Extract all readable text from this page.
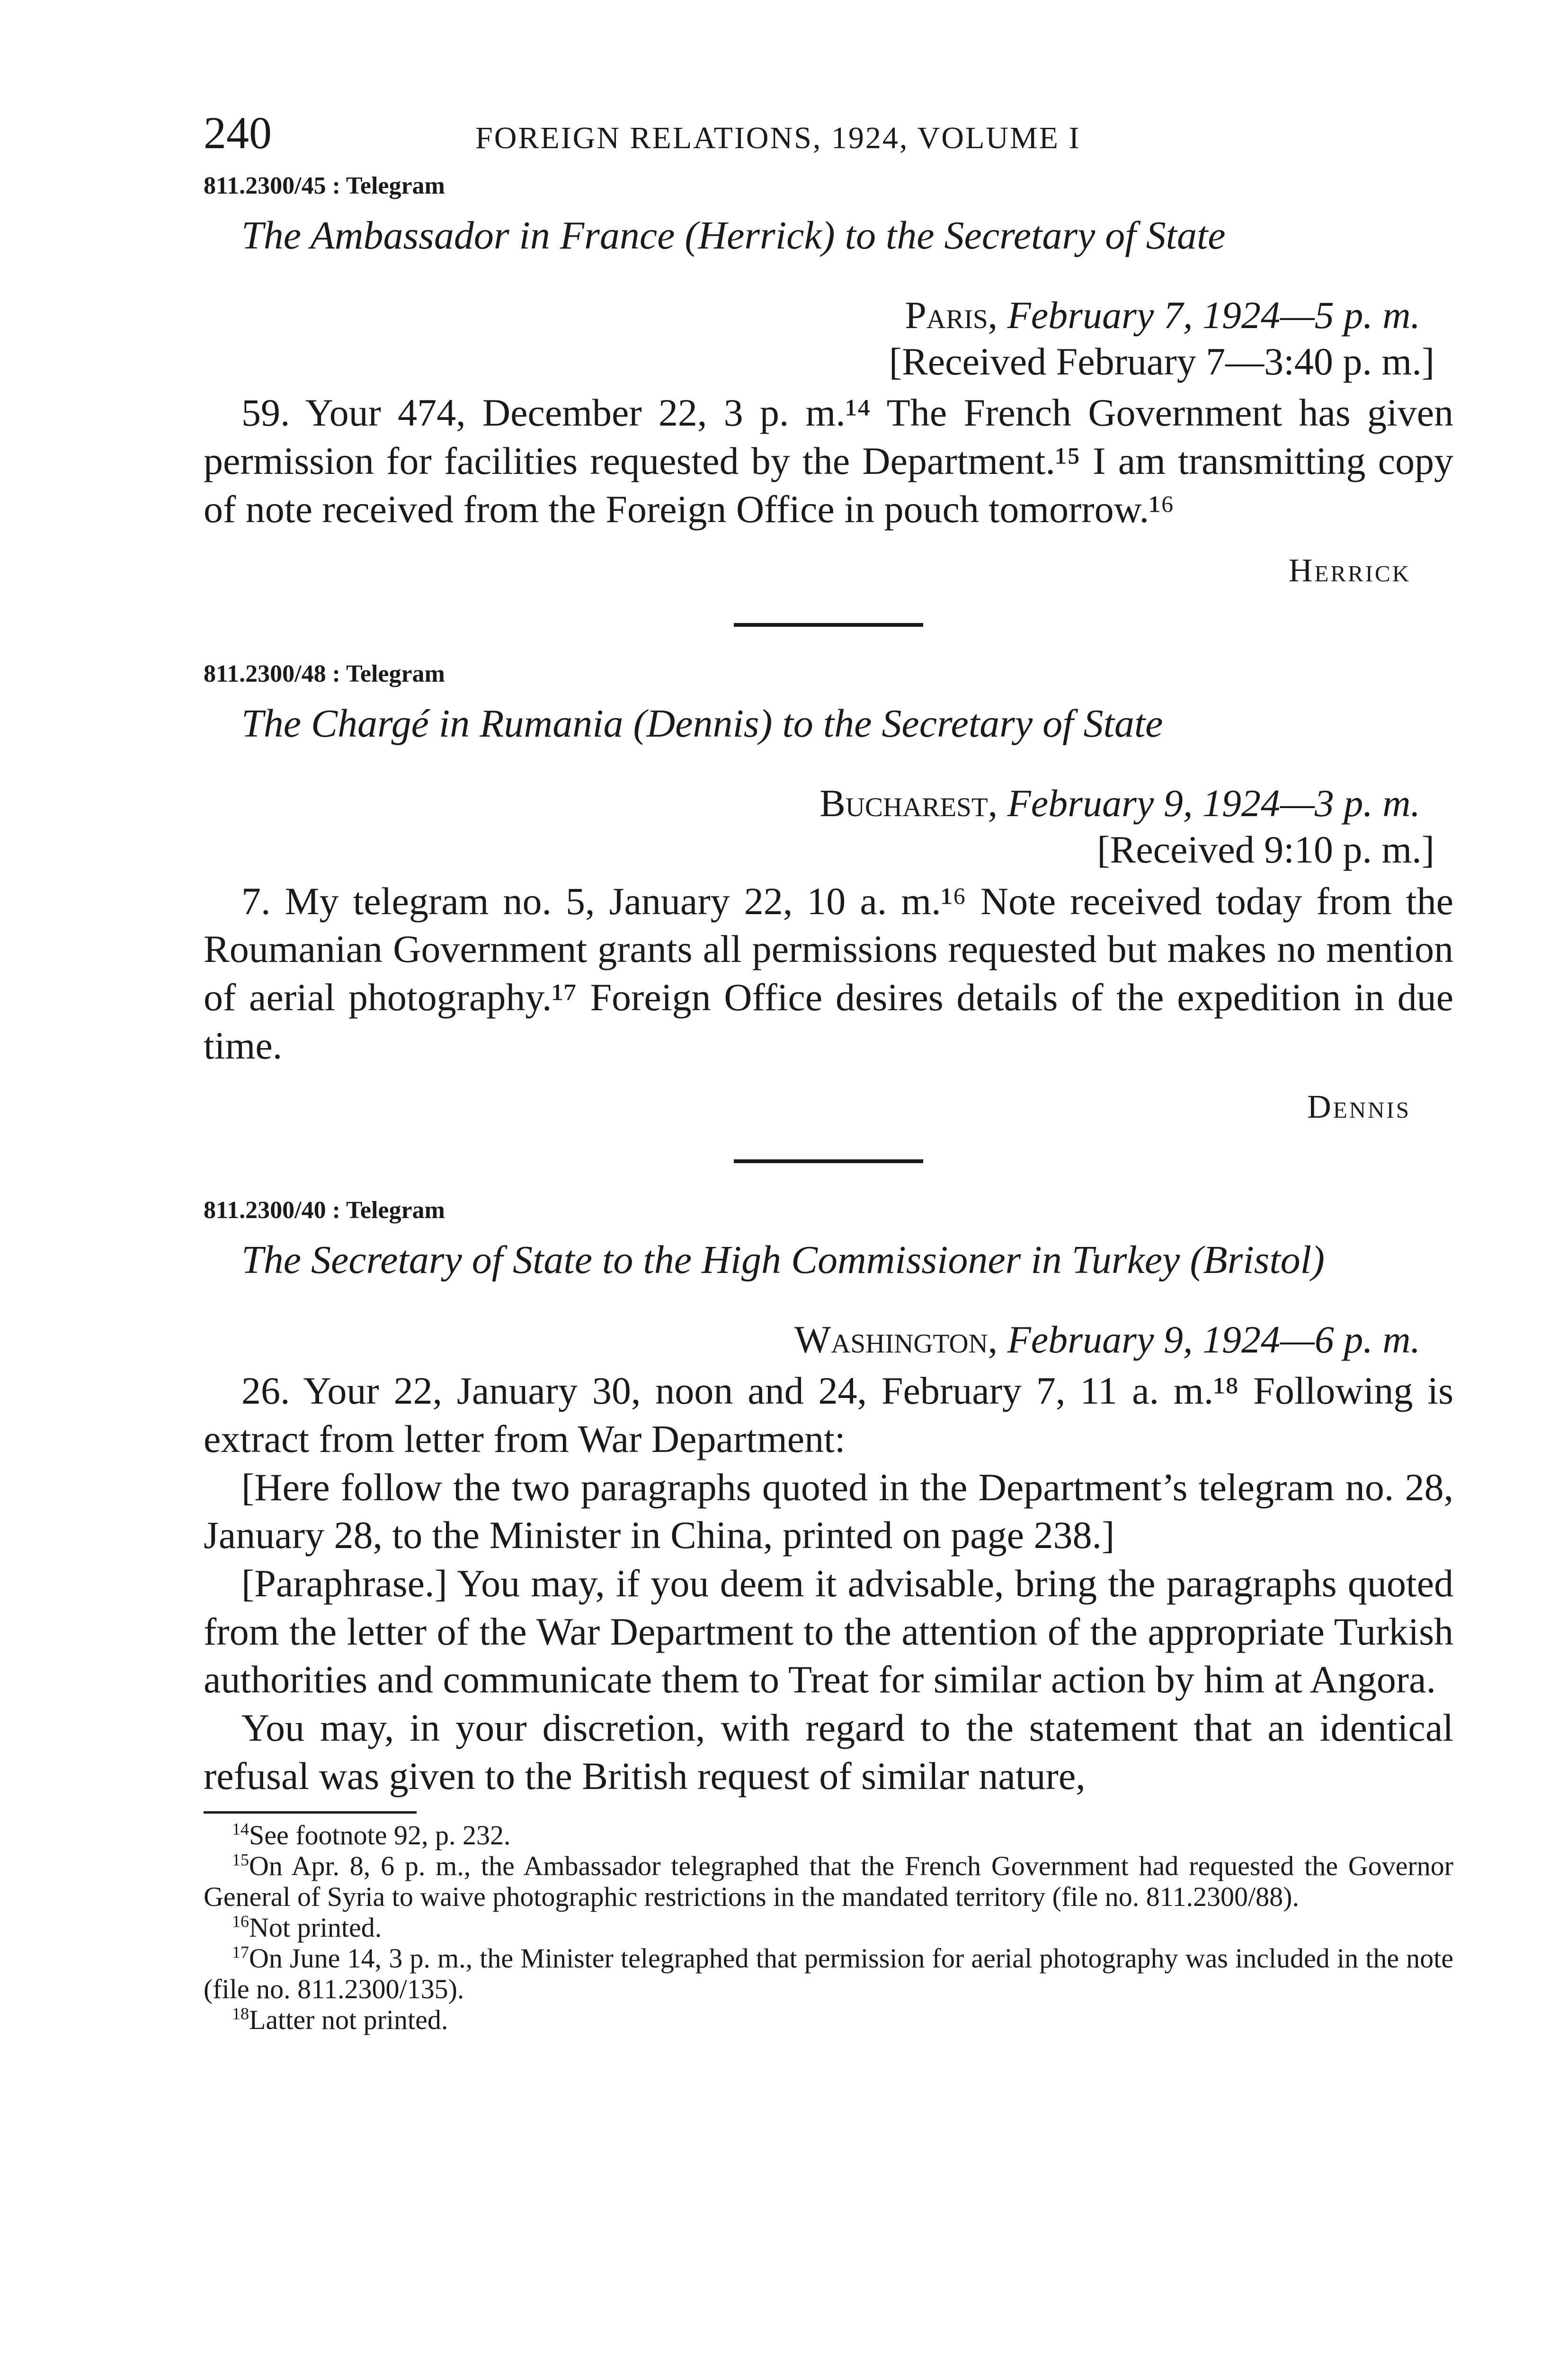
240	FOREIGN RELATIONS, 1924, VOLUME I
811.2300/45 : Telegram
The Ambassador in France (Herrick) to the Secretary of State
Paris, February 7, 1924—5 p. m.
[Received February 7—3:40 p. m.]

59. Your 474, December 22, 3 p. m.¹⁴ The French Government has given permission for facilities requested by the Department.¹⁵ I am transmitting copy of note received from the Foreign Office in pouch tomorrow.¹⁶

Herrick
811.2300/48 : Telegram
The Chargé in Rumania (Dennis) to the Secretary of State
Bucharest, February 9, 1924—3 p. m.
[Received 9:10 p. m.]

7. My telegram no. 5, January 22, 10 a. m.¹⁶ Note received today from the Roumanian Government grants all permissions requested but makes no mention of aerial photography.¹⁷ Foreign Office desires details of the expedition in due time.

Dennis
811.2300/40 : Telegram
The Secretary of State to the High Commissioner in Turkey (Bristol)
Washington, February 9, 1924—6 p. m.

26. Your 22, January 30, noon and 24, February 7, 11 a. m.¹⁸ Following is extract from letter from War Department:

[Here follow the two paragraphs quoted in the Department’s telegram no. 28, January 28, to the Minister in China, printed on page 238.]

[Paraphrase.] You may, if you deem it advisable, bring the paragraphs quoted from the letter of the War Department to the attention of the appropriate Turkish authorities and communicate them to Treat for similar action by him at Angora.

You may, in your discretion, with regard to the statement that an identical refusal was given to the British request of similar nature,

$^{14}$See footnote 92, p. 232.

$^{15}$On Apr. 8, 6 p. m., the Ambassador telegraphed that the French Government had requested the Governor General of Syria to waive photographic restrictions in the mandated territory (file no. 811.2300/88).

$^{16}$Not printed.

$^{17}$On June 14, 3 p. m., the Minister telegraphed that permission for aerial photography was included in the note (file no. 811.2300/135).

$^{18}$Latter not printed.
